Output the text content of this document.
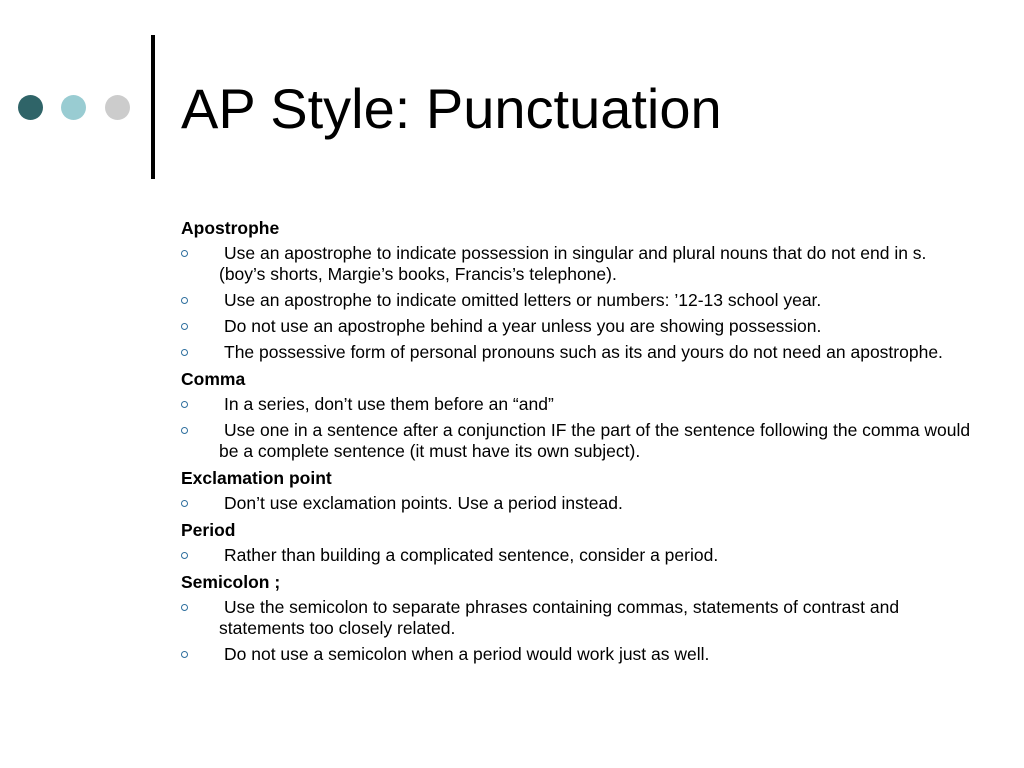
AP Style: Punctuation
Apostrophe
Use an apostrophe to indicate possession in singular and plural nouns that do not end in s. (boy’s shorts, Margie’s books, Francis’s telephone).
Use an apostrophe to indicate omitted letters or numbers: ’12-13 school year.
Do not use an apostrophe behind a year unless you are showing possession.
The possessive form of personal pronouns such as its and yours do not need an apostrophe.
Comma
In a series, don’t use them before an “and”
Use one in a sentence after a conjunction IF the part of the sentence following the comma would be a complete sentence (it must have its own subject).
Exclamation point
Don’t use exclamation points. Use a period instead.
Period
Rather than building a complicated sentence, consider a period.
Semicolon ;
Use the semicolon to separate phrases containing commas, statements of contrast and statements too closely related.
Do not use a semicolon when a period would work just as well.
